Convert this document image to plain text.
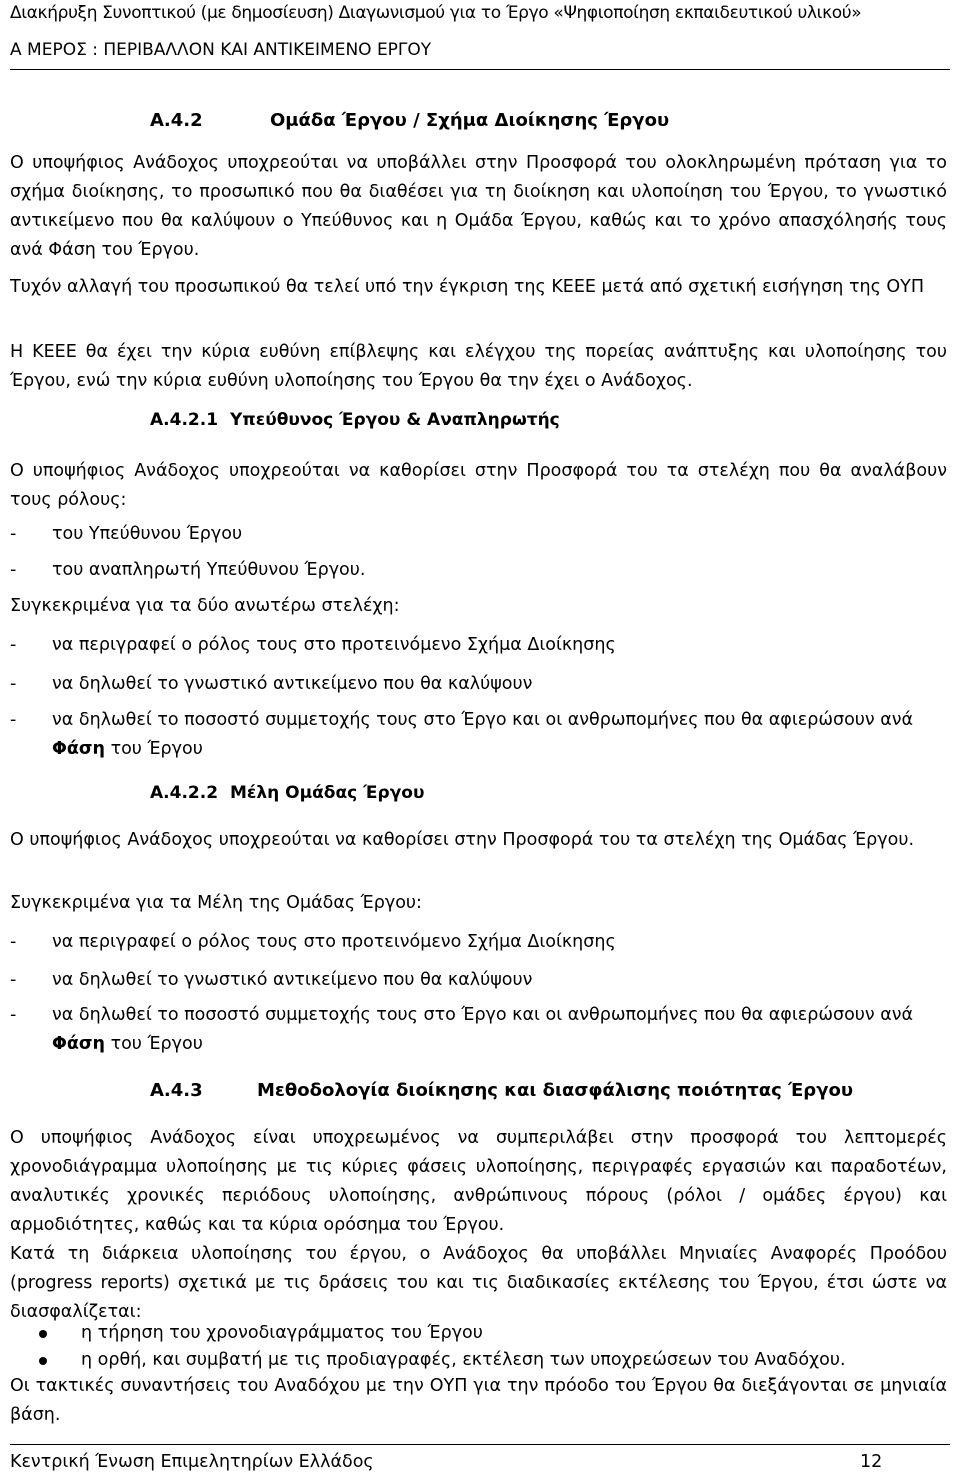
Διακήρυξη Συνοπτικού (με δημοσίευση) Διαγωνισμού για το Έργο «Ψηφιοποίηση εκπαιδευτικού υλικού»
Α ΜΕΡΟΣ : ΠΕΡΙΒΑΛΛΟΝ ΚΑΙ ΑΝΤΙΚΕΙΜΕΝΟ ΕΡΓΟΥ
Α.4.2	Ομάδα Έργου / Σχήμα Διοίκησης Έργου
Ο υποψήφιος Ανάδοχος υποχρεούται να υποβάλλει στην Προσφορά του ολοκληρωμένη πρόταση για το σχήμα διοίκησης, το προσωπικό που θα διαθέσει για τη διοίκηση και υλοποίηση του Έργου, το γνωστικό αντικείμενο που θα καλύψουν ο Υπεύθυνος και η Ομάδα Έργου, καθώς και το χρόνο απασχόλησής τους ανά Φάση του Έργου.
Τυχόν αλλαγή του προσωπικού θα τελεί υπό την έγκριση της ΚΕΕΕ μετά από σχετική εισήγηση της ΟΥΠ
Η ΚΕΕΕ θα έχει την κύρια ευθύνη επίβλεψης και ελέγχου της πορείας ανάπτυξης και υλοποίησης του Έργου, ενώ την κύρια ευθύνη υλοποίησης του Έργου θα την έχει ο Ανάδοχος.
Α.4.2.1 Υπεύθυνος Έργου & Αναπληρωτής
Ο υποψήφιος Ανάδοχος υποχρεούται να καθορίσει στην Προσφορά του τα στελέχη που θα αναλάβουν τους ρόλους:
- του Υπεύθυνου Έργου
- του αναπληρωτή Υπεύθυνου Έργου.
Συγκεκριμένα για τα δύο ανωτέρω στελέχη:
- να περιγραφεί ο ρόλος τους στο προτεινόμενο Σχήμα Διοίκησης
- να δηλωθεί το γνωστικό αντικείμενο που θα καλύψουν
- να δηλωθεί το ποσοστό συμμετοχής τους στο Έργο και οι ανθρωπομήνες που θα αφιερώσουν ανά Φάση του Έργου
Α.4.2.2 Μέλη Ομάδας Έργου
Ο υποψήφιος Ανάδοχος υποχρεούται να καθορίσει στην Προσφορά του τα στελέχη της Ομάδας Έργου.
Συγκεκριμένα για τα Μέλη της Ομάδας Έργου:
- να περιγραφεί ο ρόλος τους στο προτεινόμενο Σχήμα Διοίκησης
- να δηλωθεί το γνωστικό αντικείμενο που θα καλύψουν
- να δηλωθεί το ποσοστό συμμετοχής τους στο Έργο και οι ανθρωπομήνες που θα αφιερώσουν ανά Φάση του Έργου
Α.4.3	Μεθοδολογία διοίκησης και διασφάλισης ποιότητας Έργου
Ο υποψήφιος Ανάδοχος είναι υποχρεωμένος να συμπεριλάβει στην προσφορά του λεπτομερές χρονοδιάγραμμα υλοποίησης με τις κύριες φάσεις υλοποίησης, περιγραφές εργασιών και παραδοτέων, αναλυτικές χρονικές περιόδους υλοποίησης, ανθρώπινους πόρους (ρόλοι / ομάδες έργου) και αρμοδιότητες, καθώς και τα κύρια ορόσημα του Έργου.
Κατά τη διάρκεια υλοποίησης του έργου, ο Ανάδοχος θα υποβάλλει Μηνιαίες Αναφορές Προόδου (progress reports) σχετικά με τις δράσεις του και τις διαδικασίες εκτέλεσης του Έργου, έτσι ώστε να διασφαλίζεται:
η τήρηση του χρονοδιαγράμματος του Έργου
η ορθή, και συμβατή με τις προδιαγραφές, εκτέλεση των υποχρεώσεων του Αναδόχου.
Οι τακτικές συναντήσεις του Αναδόχου με την ΟΥΠ για την πρόοδο του Έργου θα διεξάγονται σε μηνιαία βάση.
Κεντρική Ένωση Επιμελητηρίων Ελλάδος	12
